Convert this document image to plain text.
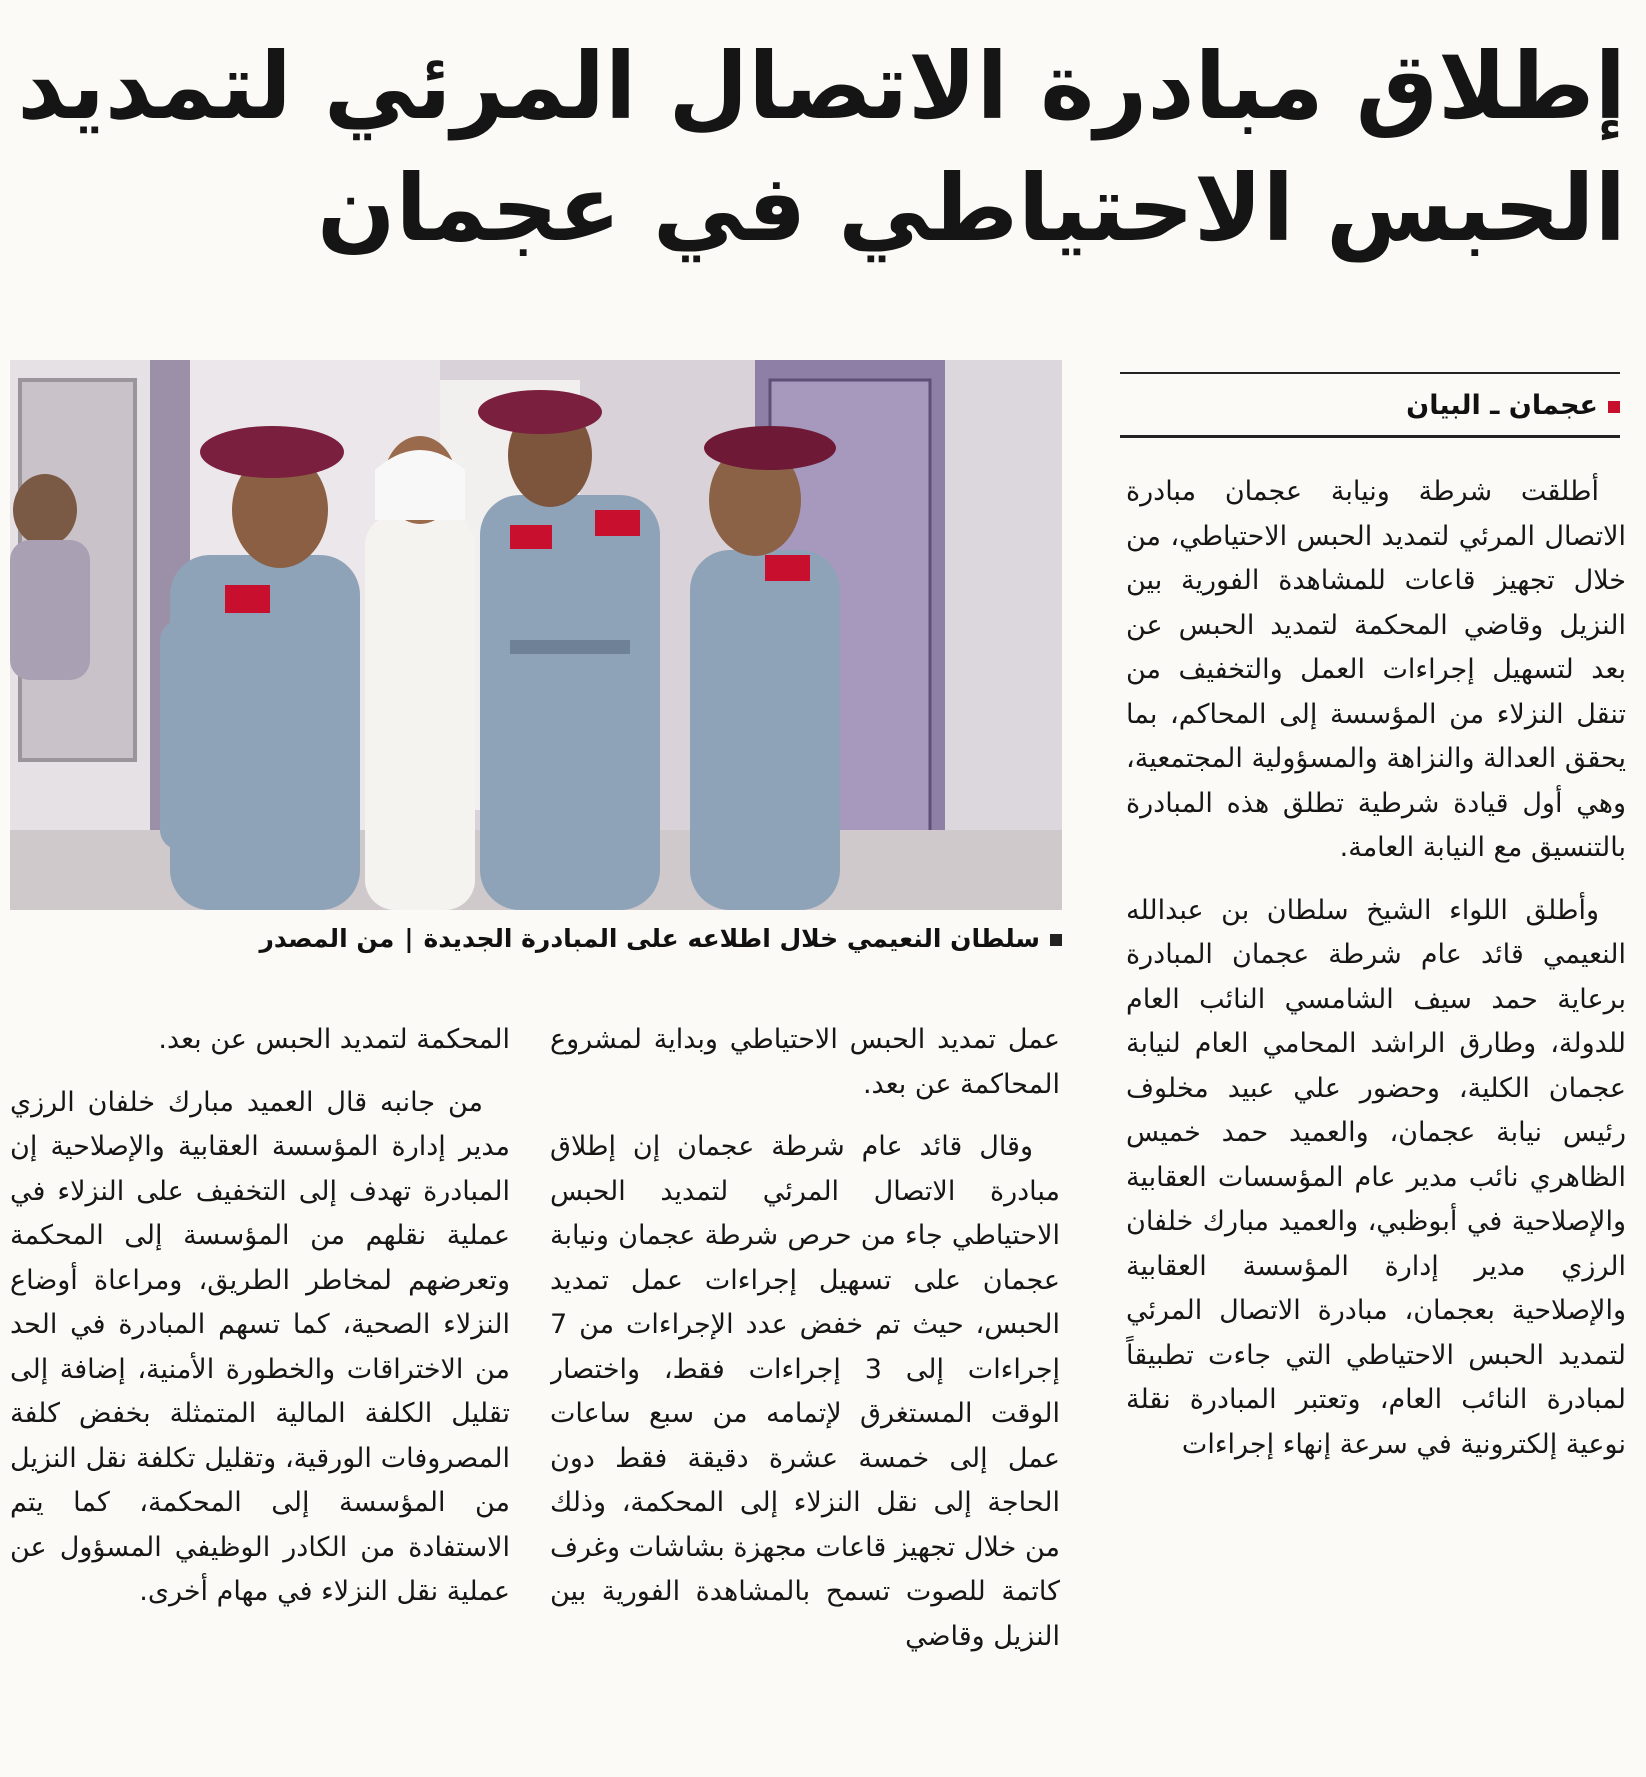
إطلاق مبادرة الاتصال المرئي لتمديد
الحبس الاحتياطي في عجمان
سلطان النعيمي خلال اطلاعه على المبادرة الجديدة|من المصدر
عجمان ـ البيان

أطلقت شرطة ونيابة عجمان مبادرة الاتصال المرئي لتمديد الحبس الاحتياطي، من خلال تجهيز قاعات للمشاهدة الفورية بين النزيل وقاضي المحكمة لتمديد الحبس عن بعد لتسهيل إجراءات العمل والتخفيف من تنقل النزلاء من المؤسسة إلى المحاكم، بما يحقق العدالة والنزاهة والمسؤولية المجتمعية، وهي أول قيادة شرطية تطلق هذه المبادرة بالتنسيق مع النيابة العامة.

وأطلق اللواء الشيخ سلطان بن عبدالله النعيمي قائد عام شرطة عجمان المبادرة برعاية حمد سيف الشامسي النائب العام للدولة، وطارق الراشد المحامي العام لنيابة عجمان الكلية، وحضور علي عبيد مخلوف رئيس نيابة عجمان، والعميد حمد خميس الظاهري نائب مدير عام المؤسسات العقابية والإصلاحية في أبوظبي، والعميد مبارك خلفان الرزي مدير إدارة المؤسسة العقابية والإصلاحية بعجمان، مبادرة الاتصال المرئي لتمديد الحبس الاحتياطي التي جاءت تطبيقاً لمبادرة النائب العام، وتعتبر المبادرة نقلة نوعية إلكترونية في سرعة إنهاء إجراءات

عمل تمديد الحبس الاحتياطي وبداية لمشروع المحاكمة عن بعد.

وقال قائد عام شرطة عجمان إن إطلاق مبادرة الاتصال المرئي لتمديد الحبس الاحتياطي جاء من حرص شرطة عجمان ونيابة عجمان على تسهيل إجراءات عمل تمديد الحبس، حيث تم خفض عدد الإجراءات من 7 إجراءات إلى 3 إجراءات فقط، واختصار الوقت المستغرق لإتمامه من سبع ساعات عمل إلى خمسة عشرة دقيقة فقط دون الحاجة إلى نقل النزلاء إلى المحكمة، وذلك من خلال تجهيز قاعات مجهزة بشاشات وغرف كاتمة للصوت تسمح بالمشاهدة الفورية بين النزيل وقاضي

المحكمة لتمديد الحبس عن بعد.

من جانبه قال العميد مبارك خلفان الرزي مدير إدارة المؤسسة العقابية والإصلاحية إن المبادرة تهدف إلى التخفيف على النزلاء في عملية نقلهم من المؤسسة إلى المحكمة وتعرضهم لمخاطر الطريق، ومراعاة أوضاع النزلاء الصحية، كما تسهم المبادرة في الحد من الاختراقات والخطورة الأمنية، إضافة إلى تقليل الكلفة المالية المتمثلة بخفض كلفة المصروفات الورقية، وتقليل تكلفة نقل النزيل من المؤسسة إلى المحكمة، كما يتم الاستفادة من الكادر الوظيفي المسؤول عن عملية نقل النزلاء في مهام أخرى.
